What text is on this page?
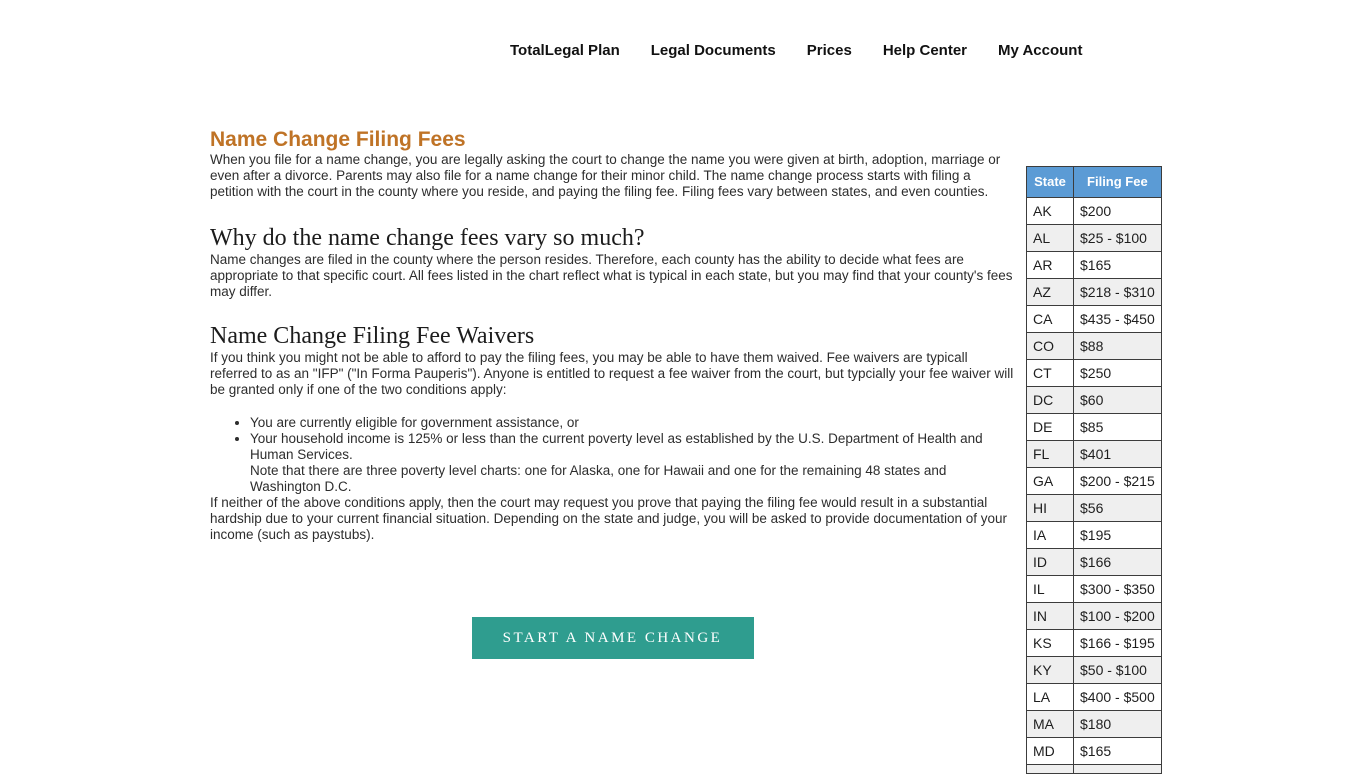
TotalLegal Plan Legal Documents Prices Help Center My Account
Name Change Filing Fees

When you file for a name change, you are legally asking the court to change the name you were given at birth, adoption, marriage or even after a divorce. Parents may also file for a name change for their minor child. The name change process starts with filing a petition with the court in the county where you reside, and paying the filing fee. Filing fees vary between states, and even counties.

Why do the name change fees vary so much?

Name changes are filed in the county where the person resides. Therefore, each county has the ability to decide what fees are appropriate to that specific court. All fees listed in the chart reflect what is typical in each state, but you may find that your county's fees may differ.

Name Change Filing Fee Waivers

If you think you might not be able to afford to pay the filing fees, you may be able to have them waived. Fee waivers are typicall referred to as an "IFP" ("In Forma Pauperis"). Anyone is entitled to request a fee waiver from the court, but typcially your fee waiver will be granted only if one of the two conditions apply:

• You are currently eligible for government assistance, or
• Your household income is 125% or less than the current poverty level as established by the U.S. Department of Health and Human Services.
Note that there are three poverty level charts: one for Alaska, one for Hawaii and one for the remaining 48 states and Washington D.C.

If neither of the above conditions apply, then the court may request you prove that paying the filing fee would result in a substantial hardship due to your current financial situation. Depending on the state and judge, you will be asked to provide documentation of your income (such as paystubs).

START A NAME CHANGE
State	Filing Fee
AK	$200
AL	$25 - $100
AR	$165
AZ	$218 - $310
CA	$435 - $450
CO	$88
CT	$250
DC	$60
DE	$85
FL	$401
GA	$200 - $215
HI	$56
IA	$195
ID	$166
IL	$300 - $350
IN	$100 - $200
KS	$166 - $195
KY	$50 - $100
LA	$400 - $500
MA	$180
MD	$165
